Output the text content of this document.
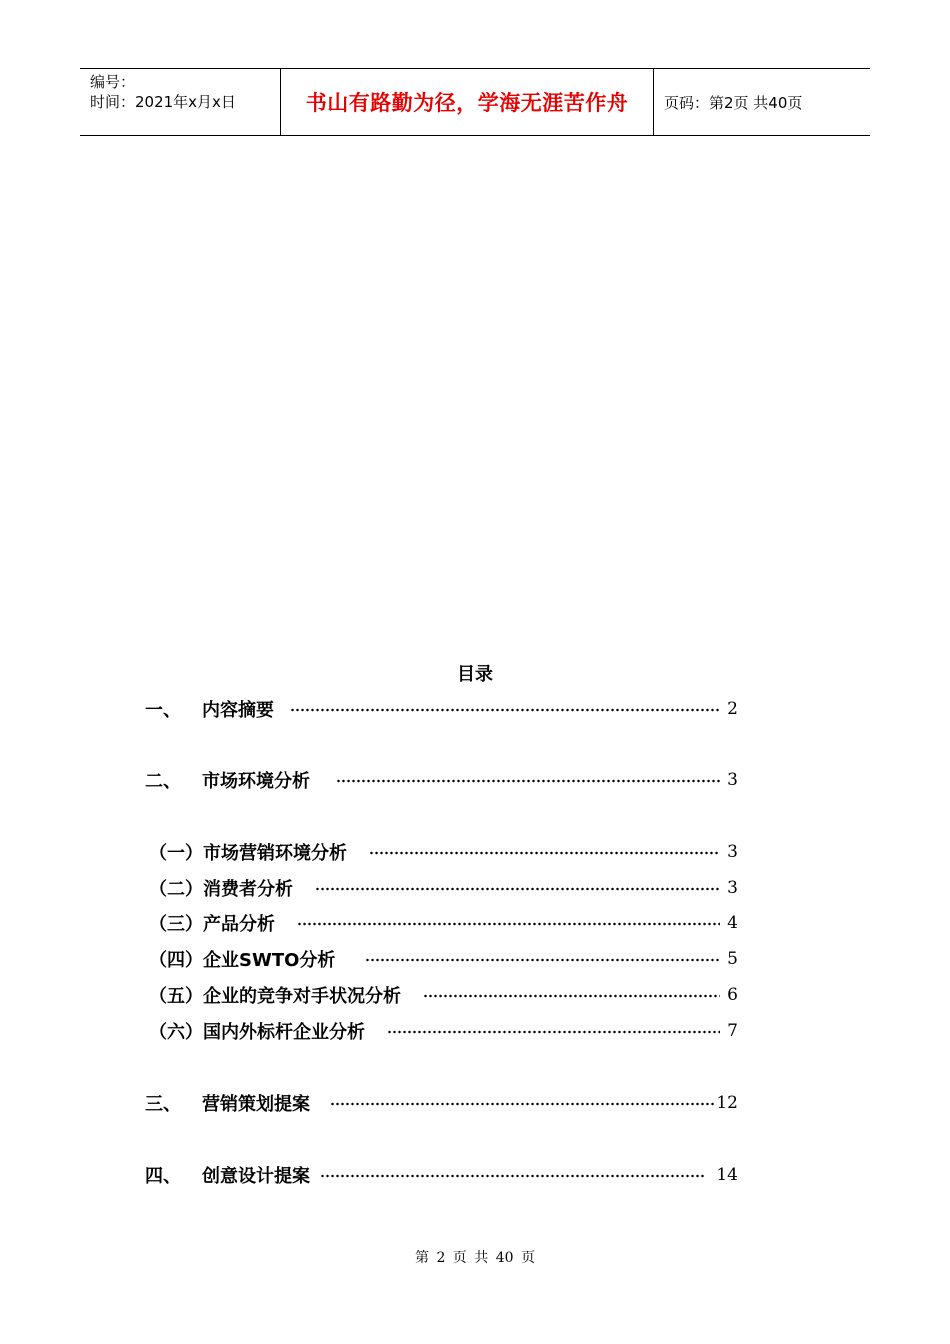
编号：
时间：2021年x月x日	书山有路勤为径，学海无涯苦作舟 页码：第2页 共40页
目录
一、	内容摘要	2
二、	市场环境分析	3
（一）市场营销环境分析	3
（二）消费者分析	3
（三）产品分析	4
（四）企业SWTO分析	5
（五）企业的竞争对手状况分析	6
（六）国内外标杆企业分析	7
三、	营销策划提案	12
四、	创意设计提案	14
第 2 页 共 40 页
